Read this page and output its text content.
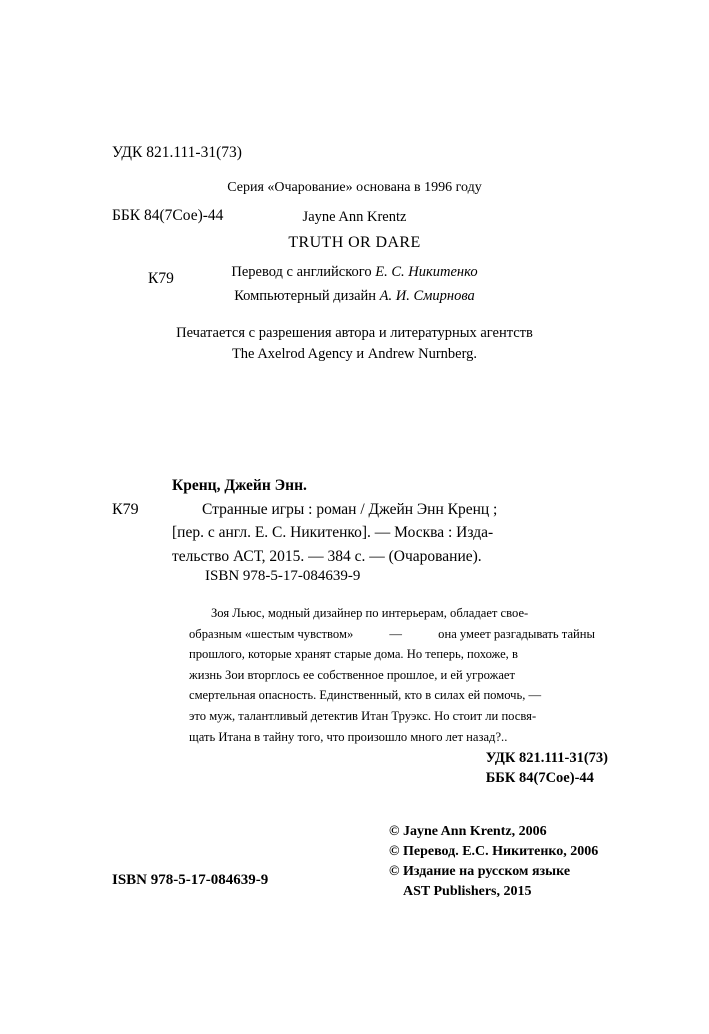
УДК 821.111-31(73)

ББК 84(7Сое)-44

К79

Серия «Очарование» основана в 1996 году
Jayne Ann Krentz
TRUTH OR DARE
Перевод с английского Е. С. Никитенко
Компьютерный дизайн А. И. Смирнова
Печатается с разрешения автора и литературных агентств
The Axelrod Agency и Andrew Nurnberg.
К79
Кренц, Джейн Энн.
Странные игры : роман / Джейн Энн Кренц ;
[пер. с англ. Е. С. Никитенко]. — Москва : Изда-
тельство АСТ, 2015. — 384 с. — (Очарование).
ISBN 978-5-17-084639-9
Зоя Льюс, модный дизайнер по интерьерам, обладает свое-
образным «шестым чувством»	—	она умеет разгадывать тайны
прошлого, которые хранят старые дома. Но теперь, похоже, в
жизнь Зои вторглось ее собственное прошлое, и ей угрожает
смертельная опасность. Единственный, кто в силах ей помочь, —
это муж, талантливый детектив Итан Труэкс. Но стоит ли посвя-
щать Итана в тайну того, что произошло много лет назад?..
УДК 821.111-31(73)
ББК 84(7Сое)-44
© Jayne Ann Krentz, 2006
© Перевод. Е.С. Никитенко, 2006
© Издание на русском языке
AST Publishers, 2015
ISBN 978-5-17-084639-9
